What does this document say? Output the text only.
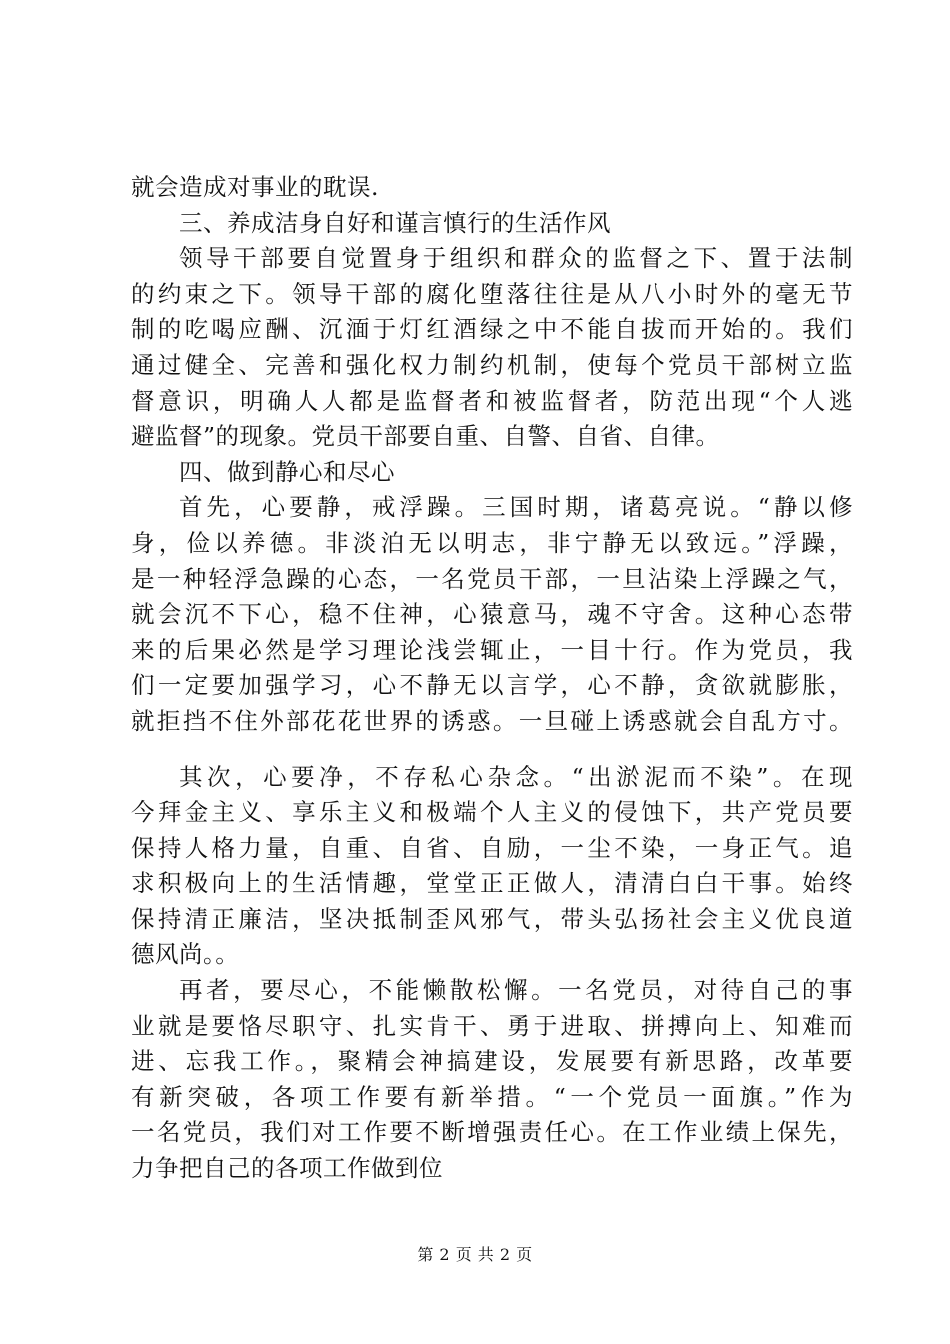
就会造成对事业的耽误.
三、养成洁身自好和谨言慎行的生活作风
领导干部要自觉置身于组织和群众的监督之下、置于法制
的约束之下。领导干部的腐化堕落往往是从八小时外的毫无节
制的吃喝应酬、沉湎于灯红酒绿之中不能自拔而开始的。我们
通过健全、完善和强化权力制约机制，使每个党员干部树立监
督意识，明确人人都是监督者和被监督者，防范出现“个人逃
避监督”的现象。党员干部要自重、自警、自省、自律。
四、做到静心和尽心
首先，心要静，戒浮躁。三国时期，诸葛亮说。“静以修
身，俭以养德。非淡泊无以明志，非宁静无以致远。”浮躁，
是一种轻浮急躁的心态，一名党员干部，一旦沾染上浮躁之气，
就会沉不下心，稳不住神，心猿意马，魂不守舍。这种心态带
来的后果必然是学习理论浅尝辄止，一目十行。作为党员，我
们一定要加强学习，心不静无以言学，心不静，贪欲就膨胀，
就拒挡不住外部花花世界的诱惑。一旦碰上诱惑就会自乱方寸。
其次，心要净，不存私心杂念。“出淤泥而不染”。在现
今拜金主义、享乐主义和极端个人主义的侵蚀下，共产党员要
保持人格力量，自重、自省、自励，一尘不染，一身正气。追
求积极向上的生活情趣，堂堂正正做人，清清白白干事。始终
保持清正廉洁，坚决抵制歪风邪气，带头弘扬社会主义优良道
德风尚。。
再者，要尽心，不能懒散松懈。一名党员，对待自己的事
业就是要恪尽职守、扎实肯干、勇于进取、拼搏向上、知难而
进、忘我工作。，聚精会神搞建设，发展要有新思路，改革要
有新突破，各项工作要有新举措。“一个党员一面旗。”作为
一名党员，我们对工作要不断增强责任心。在工作业绩上保先，
力争把自己的各项工作做到位
第 2 页 共 2 页
